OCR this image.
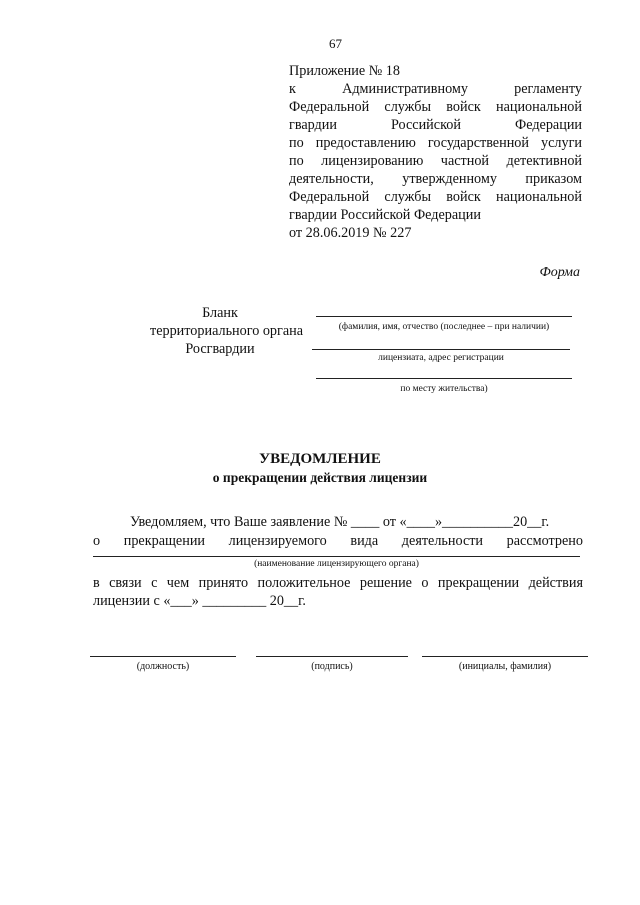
67
Приложение № 18
к Административному регламенту
Федеральной службы войск национальной
гвардии Российской Федерации
по предоставлению государственной услуги
по лицензированию частной детективной
деятельности, утвержденному приказом
Федеральной службы войск национальной
гвардии Российской Федерации
от 28.06.2019 № 227
Форма
Бланк
территориального органа
Росгвардии
(фамилия, имя, отчество (последнее – при наличии)
лицензиата, адрес регистрации
по месту жительства)
УВЕДОМЛЕНИЕ
о прекращении действия лицензии
Уведомляем, что Ваше заявление № ____ от «____»__________20__г.
о прекращении лицензируемого вида деятельности рассмотрено
(наименование лицензирующего органа)
в связи с чем принято положительное решение о прекращении действия
лицензии с «___» _________ 20__г.
(должность)	(подпись)	(инициалы, фамилия)
